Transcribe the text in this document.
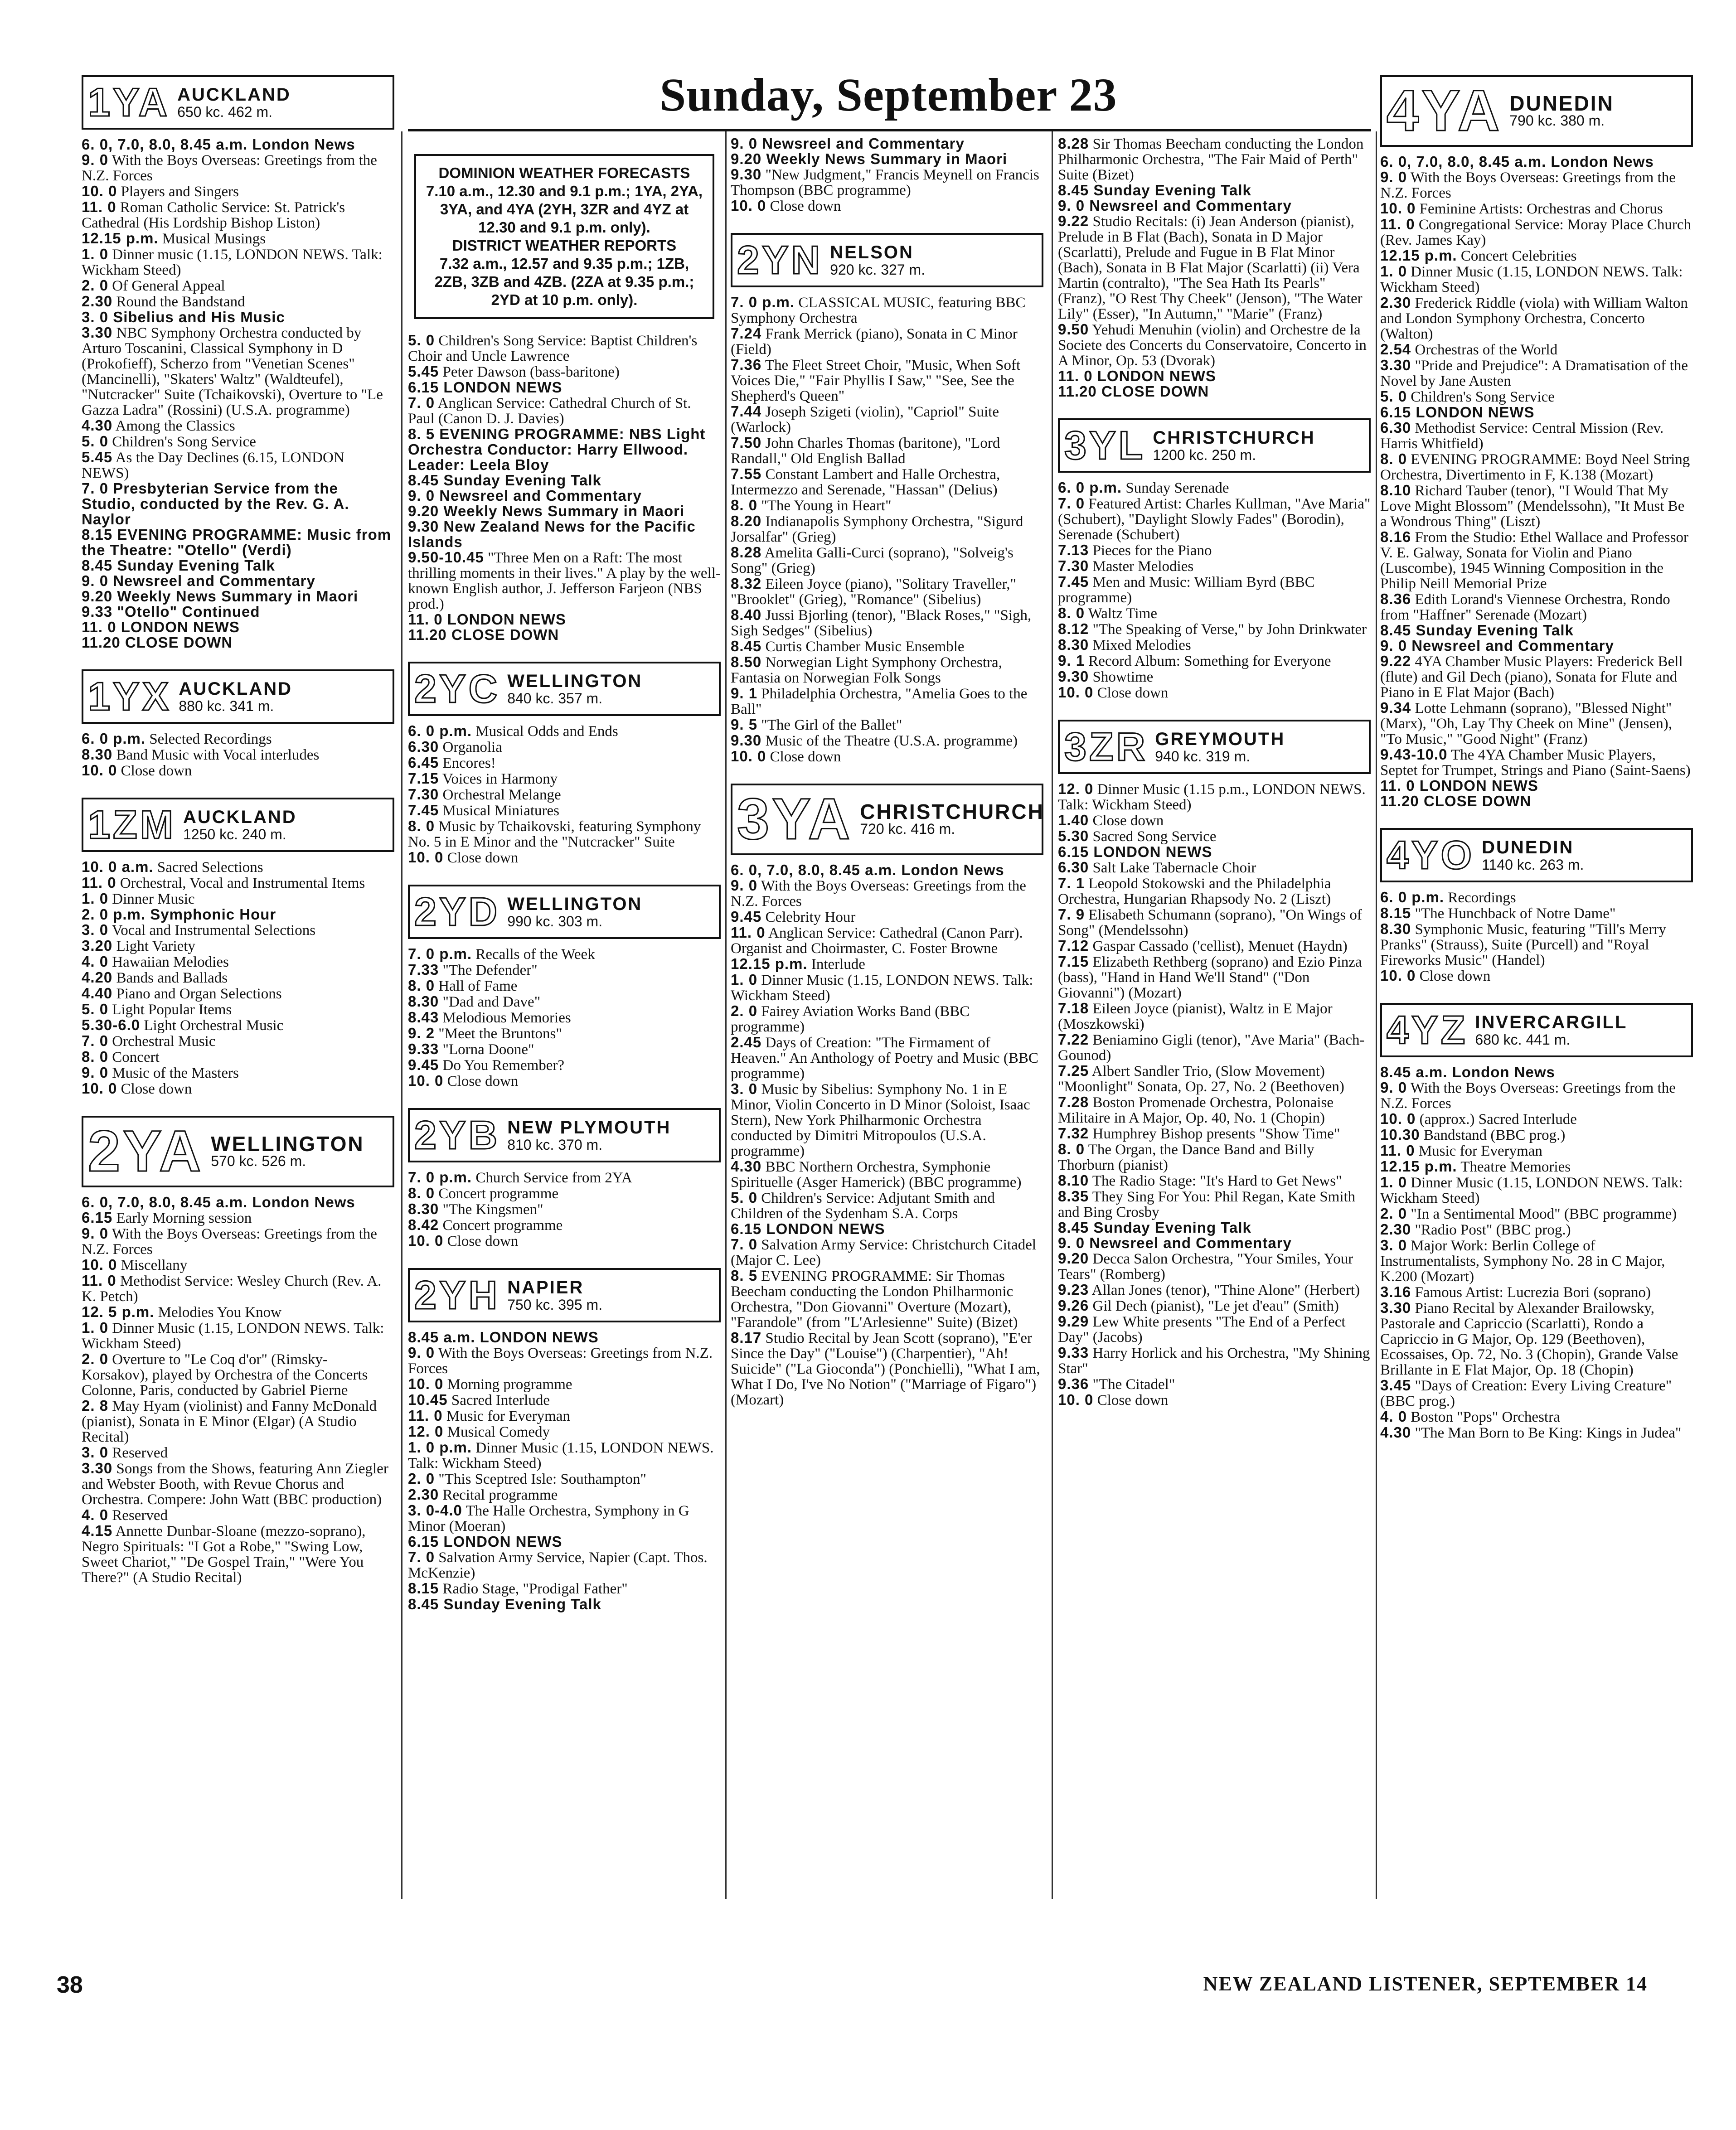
Sunday, September 23
1YA AUCKLAND
650 kc. 462 m.

6. 0, 7.0, 8.0, 8.45 a.m. London News

9. 0 With the Boys Overseas: Greetings from the N.Z. Forces

10. 0 Players and Singers

11. 0 Roman Catholic Service: St. Patrick's Cathedral (His Lordship Bishop Liston)

12.15 p.m. Musical Musings

1. 0 Dinner music (1.15, LONDON NEWS. Talk: Wickham Steed)

2. 0 Of General Appeal

2.30 Round the Bandstand

3. 0 Sibelius and His Music

3.30 NBC Symphony Orchestra conducted by Arturo Toscanini, Classical Symphony in D (Prokofieff), Scherzo from "Venetian Scenes" (Mancinelli), "Skaters' Waltz" (Waldteufel), "Nutcracker" Suite (Tchaikovski), Overture to "Le Gazza Ladra" (Rossini) (U.S.A. programme)

4.30 Among the Classics

5. 0 Children's Song Service

5.45 As the Day Declines (6.15, LONDON NEWS)

7. 0 Presbyterian Service from the Studio, conducted by the Rev. G. A. Naylor

8.15 EVENING PROGRAMME: Music from the Theatre: "Otello" (Verdi)

8.45 Sunday Evening Talk

9. 0 Newsreel and Commentary

9.20 Weekly News Summary in Maori

9.33 "Otello" Continued

11. 0 LONDON NEWS

11.20 CLOSE DOWN

1YX AUCKLAND
880 kc. 341 m.

6. 0 p.m. Selected Recordings

8.30 Band Music with Vocal interludes

10. 0 Close down

1ZM AUCKLAND
1250 kc. 240 m.

10. 0 a.m. Sacred Selections

11. 0 Orchestral, Vocal and Instrumental Items

1. 0 Dinner Music

2. 0 p.m. Symphonic Hour

3. 0 Vocal and Instrumental Selections

3.20 Light Variety

4. 0 Hawaiian Melodies

4.20 Bands and Ballads

4.40 Piano and Organ Selections

5. 0 Light Popular Items

5.30-6.0 Light Orchestral Music

7. 0 Orchestral Music

8. 0 Concert

9. 0 Music of the Masters

10. 0 Close down

2YA WELLINGTON
570 kc. 526 m.

6. 0, 7.0, 8.0, 8.45 a.m. London News

6.15 Early Morning session

9. 0 With the Boys Overseas: Greetings from the N.Z. Forces

10. 0 Miscellany

11. 0 Methodist Service: Wesley Church (Rev. A. K. Petch)

12. 5 p.m. Melodies You Know

1. 0 Dinner Music (1.15, LONDON NEWS. Talk: Wickham Steed)

2. 0 Overture to "Le Coq d'or" (Rimsky-Korsakov), played by Orchestra of the Concerts Colonne, Paris, conducted by Gabriel Pierne

2. 8 May Hyam (violinist) and Fanny McDonald (pianist), Sonata in E Minor (Elgar) (A Studio Recital)

3. 0 Reserved

3.30 Songs from the Shows, featuring Ann Ziegler and Webster Booth, with Revue Chorus and Orchestra. Compere: John Watt (BBC production)

4. 0 Reserved

4.15 Annette Dunbar-Sloane (mezzo-soprano), Negro Spirituals: "I Got a Robe," "Swing Low, Sweet Chariot," "De Gospel Train," "Were You There?" (A Studio Recital)

DOMINION WEATHER FORECASTS
7.10 a.m., 12.30 and 9.1 p.m.; 1YA, 2YA, 3YA, and 4YA (2YH, 3ZR and 4YZ at 12.30 and 9.1 p.m. only).
DISTRICT WEATHER REPORTS
7.32 a.m., 12.57 and 9.35 p.m.; 1ZB, 2ZB, 3ZB and 4ZB. (2ZA at 9.35 p.m.; 2YD at 10 p.m. only).

5. 0 Children's Song Service: Baptist Children's Choir and Uncle Lawrence

5.45 Peter Dawson (bass-baritone)

6.15 LONDON NEWS

7. 0 Anglican Service: Cathedral Church of St. Paul (Canon D. J. Davies)

8. 5 EVENING PROGRAMME: NBS Light Orchestra Conductor: Harry Ellwood. Leader: Leela Bloy

8.45 Sunday Evening Talk

9. 0 Newsreel and Commentary

9.20 Weekly News Summary in Maori

9.30 New Zealand News for the Pacific Islands

9.50-10.45 "Three Men on a Raft: The most thrilling moments in their lives." A play by the well-known English author, J. Jefferson Farjeon (NBS prod.)

11. 0 LONDON NEWS

11.20 CLOSE DOWN

2YC WELLINGTON
840 kc. 357 m.

6. 0 p.m. Musical Odds and Ends

6.30 Organolia

6.45 Encores!

7.15 Voices in Harmony

7.30 Orchestral Melange

7.45 Musical Miniatures

8. 0 Music by Tchaikovski, featuring Symphony No. 5 in E Minor and the "Nutcracker" Suite

10. 0 Close down

2YD WELLINGTON
990 kc. 303 m.

7. 0 p.m. Recalls of the Week

7.33 "The Defender"

8. 0 Hall of Fame

8.30 "Dad and Dave"

8.43 Melodious Memories

9. 2 "Meet the Bruntons"

9.33 "Lorna Doone"

9.45 Do You Remember?

10. 0 Close down

2YB NEW PLYMOUTH
810 kc. 370 m.

7. 0 p.m. Church Service from 2YA

8. 0 Concert programme

8.30 "The Kingsmen"

8.42 Concert programme

10. 0 Close down

2YH NAPIER
750 kc. 395 m.

8.45 a.m. LONDON NEWS

9. 0 With the Boys Overseas: Greetings from N.Z. Forces

10. 0 Morning programme

10.45 Sacred Interlude

11. 0 Music for Everyman

12. 0 Musical Comedy

1. 0 p.m. Dinner Music (1.15, LONDON NEWS. Talk: Wickham Steed)

2. 0 "This Sceptred Isle: Southampton"

2.30 Recital programme

3. 0-4.0 The Halle Orchestra, Symphony in G Minor (Moeran)

6.15 LONDON NEWS

7. 0 Salvation Army Service, Napier (Capt. Thos. McKenzie)

8.15 Radio Stage, "Prodigal Father"

8.45 Sunday Evening Talk

9. 0 Newsreel and Commentary

9.20 Weekly News Summary in Maori

9.30 "New Judgment," Francis Meynell on Francis Thompson (BBC programme)

10. 0 Close down

2YN NELSON
920 kc. 327 m.

7. 0 p.m. CLASSICAL MUSIC, featuring BBC Symphony Orchestra

7.24 Frank Merrick (piano), Sonata in C Minor (Field)

7.36 The Fleet Street Choir, "Music, When Soft Voices Die," "Fair Phyllis I Saw," "See, See the Shepherd's Queen"

7.44 Joseph Szigeti (violin), "Capriol" Suite (Warlock)

7.50 John Charles Thomas (baritone), "Lord Randall," Old English Ballad

7.55 Constant Lambert and Halle Orchestra, Intermezzo and Serenade, "Hassan" (Delius)

8. 0 "The Young in Heart"

8.20 Indianapolis Symphony Orchestra, "Sigurd Jorsalfar" (Grieg)

8.28 Amelita Galli-Curci (soprano), "Solveig's Song" (Grieg)

8.32 Eileen Joyce (piano), "Solitary Traveller," "Brooklet" (Grieg), "Romance" (Sibelius)

8.40 Jussi Bjorling (tenor), "Black Roses," "Sigh, Sigh Sedges" (Sibelius)

8.45 Curtis Chamber Music Ensemble

8.50 Norwegian Light Symphony Orchestra, Fantasia on Norwegian Folk Songs

9. 1 Philadelphia Orchestra, "Amelia Goes to the Ball"

9. 5 "The Girl of the Ballet"

9.30 Music of the Theatre (U.S.A. programme)

10. 0 Close down

3YA CHRISTCHURCH
720 kc. 416 m.

6. 0, 7.0, 8.0, 8.45 a.m. London News

9. 0 With the Boys Overseas: Greetings from the N.Z. Forces

9.45 Celebrity Hour

11. 0 Anglican Service: Cathedral (Canon Parr). Organist and Choirmaster, C. Foster Browne

12.15 p.m. Interlude

1. 0 Dinner Music (1.15, LONDON NEWS. Talk: Wickham Steed)

2. 0 Fairey Aviation Works Band (BBC programme)

2.45 Days of Creation: "The Firmament of Heaven." An Anthology of Poetry and Music (BBC programme)

3. 0 Music by Sibelius: Symphony No. 1 in E Minor, Violin Concerto in D Minor (Soloist, Isaac Stern), New York Philharmonic Orchestra conducted by Dimitri Mitropoulos (U.S.A. programme)

4.30 BBC Northern Orchestra, Symphonie Spirituelle (Asger Hamerick) (BBC programme)

5. 0 Children's Service: Adjutant Smith and Children of the Sydenham S.A. Corps

6.15 LONDON NEWS

7. 0 Salvation Army Service: Christchurch Citadel (Major C. Lee)

8. 5 EVENING PROGRAMME: Sir Thomas Beecham conducting the London Philharmonic Orchestra, "Don Giovanni" Overture (Mozart), "Farandole" (from "L'Arlesienne" Suite) (Bizet)

8.17 Studio Recital by Jean Scott (soprano), "E'er Since the Day" ("Louise") (Charpentier), "Ah! Suicide" ("La Gioconda") (Ponchielli), "What I am, What I Do, I've No Notion" ("Marriage of Figaro") (Mozart)

8.28 Sir Thomas Beecham conducting the London Philharmonic Orchestra, "The Fair Maid of Perth" Suite (Bizet)

8.45 Sunday Evening Talk

9. 0 Newsreel and Commentary

9.22 Studio Recitals: (i) Jean Anderson (pianist), Prelude in B Flat (Bach), Sonata in D Major (Scarlatti), Prelude and Fugue in B Flat Minor (Bach), Sonata in B Flat Major (Scarlatti) (ii) Vera Martin (contralto), "The Sea Hath Its Pearls" (Franz), "O Rest Thy Cheek" (Jenson), "The Water Lily" (Esser), "In Autumn," "Marie" (Franz)

9.50 Yehudi Menuhin (violin) and Orchestre de la Societe des Concerts du Conservatoire, Concerto in A Minor, Op. 53 (Dvorak)

11. 0 LONDON NEWS

11.20 CLOSE DOWN

3YL CHRISTCHURCH
1200 kc. 250 m.

6. 0 p.m. Sunday Serenade

7. 0 Featured Artist: Charles Kullman, "Ave Maria" (Schubert), "Daylight Slowly Fades" (Borodin), Serenade (Schubert)

7.13 Pieces for the Piano

7.30 Master Melodies

7.45 Men and Music: William Byrd (BBC programme)

8. 0 Waltz Time

8.12 "The Speaking of Verse," by John Drinkwater

8.30 Mixed Melodies

9. 1 Record Album: Something for Everyone

9.30 Showtime

10. 0 Close down

3ZR GREYMOUTH
940 kc. 319 m.

12. 0 Dinner Music (1.15 p.m., LONDON NEWS. Talk: Wickham Steed)

1.40 Close down

5.30 Sacred Song Service

6.15 LONDON NEWS

6.30 Salt Lake Tabernacle Choir

7. 1 Leopold Stokowski and the Philadelphia Orchestra, Hungarian Rhapsody No. 2 (Liszt)

7. 9 Elisabeth Schumann (soprano), "On Wings of Song" (Mendelssohn)

7.12 Gaspar Cassado ('cellist), Menuet (Haydn)

7.15 Elizabeth Rethberg (soprano) and Ezio Pinza (bass), "Hand in Hand We'll Stand" ("Don Giovanni") (Mozart)

7.18 Eileen Joyce (pianist), Waltz in E Major (Moszkowski)

7.22 Beniamino Gigli (tenor), "Ave Maria" (Bach-Gounod)

7.25 Albert Sandler Trio, (Slow Movement) "Moonlight" Sonata, Op. 27, No. 2 (Beethoven)

7.28 Boston Promenade Orchestra, Polonaise Militaire in A Major, Op. 40, No. 1 (Chopin)

7.32 Humphrey Bishop presents "Show Time"

8. 0 The Organ, the Dance Band and Billy Thorburn (pianist)

8.10 The Radio Stage: "It's Hard to Get News"

8.35 They Sing For You: Phil Regan, Kate Smith and Bing Crosby

8.45 Sunday Evening Talk

9. 0 Newsreel and Commentary

9.20 Decca Salon Orchestra, "Your Smiles, Your Tears" (Romberg)

9.23 Allan Jones (tenor), "Thine Alone" (Herbert)

9.26 Gil Dech (pianist), "Le jet d'eau" (Smith)

9.29 Lew White presents "The End of a Perfect Day" (Jacobs)

9.33 Harry Horlick and his Orchestra, "My Shining Star"

9.36 "The Citadel"

10. 0 Close down

4YA DUNEDIN
790 kc. 380 m.

6. 0, 7.0, 8.0, 8.45 a.m. London News

9. 0 With the Boys Overseas: Greetings from the N.Z. Forces

10. 0 Feminine Artists: Orchestras and Chorus

11. 0 Congregational Service: Moray Place Church (Rev. James Kay)

12.15 p.m. Concert Celebrities

1. 0 Dinner Music (1.15, LONDON NEWS. Talk: Wickham Steed)

2.30 Frederick Riddle (viola) with William Walton and London Symphony Orchestra, Concerto (Walton)

2.54 Orchestras of the World

3.30 "Pride and Prejudice": A Dramatisation of the Novel by Jane Austen

5. 0 Children's Song Service

6.15 LONDON NEWS

6.30 Methodist Service: Central Mission (Rev. Harris Whitfield)

8. 0 EVENING PROGRAMME: Boyd Neel String Orchestra, Divertimento in F, K.138 (Mozart)

8.10 Richard Tauber (tenor), "I Would That My Love Might Blossom" (Mendelssohn), "It Must Be a Wondrous Thing" (Liszt)

8.16 From the Studio: Ethel Wallace and Professor V. E. Galway, Sonata for Violin and Piano (Luscombe), 1945 Winning Composition in the Philip Neill Memorial Prize

8.36 Edith Lorand's Viennese Orchestra, Rondo from "Haffner" Serenade (Mozart)

8.45 Sunday Evening Talk

9. 0 Newsreel and Commentary

9.22 4YA Chamber Music Players: Frederick Bell (flute) and Gil Dech (piano), Sonata for Flute and Piano in E Flat Major (Bach)

9.34 Lotte Lehmann (soprano), "Blessed Night" (Marx), "Oh, Lay Thy Cheek on Mine" (Jensen), "To Music," "Good Night" (Franz)

9.43-10.0 The 4YA Chamber Music Players, Septet for Trumpet, Strings and Piano (Saint-Saens)

11. 0 LONDON NEWS

11.20 CLOSE DOWN

4YO DUNEDIN
1140 kc. 263 m.

6. 0 p.m. Recordings

8.15 "The Hunchback of Notre Dame"

8.30 Symphonic Music, featuring "Till's Merry Pranks" (Strauss), Suite (Purcell) and "Royal Fireworks Music" (Handel)

10. 0 Close down

4YZ INVERCARGILL
680 kc. 441 m.

8.45 a.m. London News

9. 0 With the Boys Overseas: Greetings from the N.Z. Forces

10. 0 (approx.) Sacred Interlude

10.30 Bandstand (BBC prog.)

11. 0 Music for Everyman

12.15 p.m. Theatre Memories

1. 0 Dinner Music (1.15, LONDON NEWS. Talk: Wickham Steed)

2. 0 "In a Sentimental Mood" (BBC programme)

2.30 "Radio Post" (BBC prog.)

3. 0 Major Work: Berlin College of Instrumentalists, Symphony No. 28 in C Major, K.200 (Mozart)

3.16 Famous Artist: Lucrezia Bori (soprano)

3.30 Piano Recital by Alexander Brailowsky, Pastorale and Capriccio (Scarlatti), Rondo a Capriccio in G Major, Op. 129 (Beethoven), Ecossaises, Op. 72, No. 3 (Chopin), Grande Valse Brillante in E Flat Major, Op. 18 (Chopin)

3.45 "Days of Creation: Every Living Creature" (BBC prog.)

4. 0 Boston "Pops" Orchestra

4.30 "The Man Born to Be King: Kings in Judea"

38	NEW ZEALAND LISTENER, SEPTEMBER 14
